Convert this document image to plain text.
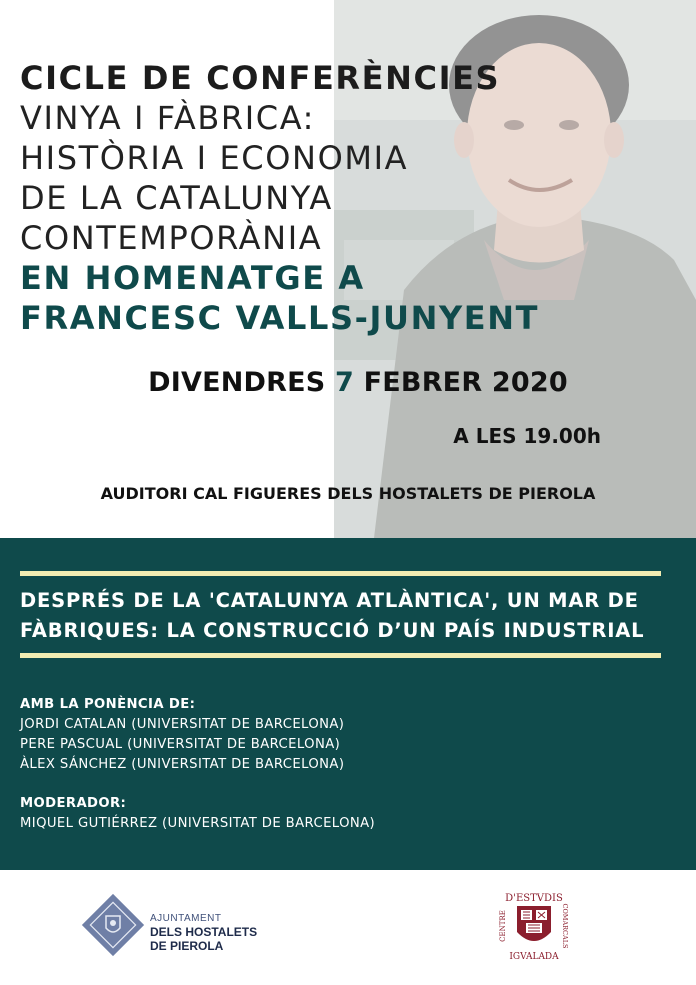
CICLE DE CONFERÈNCIES
VINYA I FÀBRICA:
HISTÒRIA I ECONOMIA
DE LA CATALUNYA
CONTEMPORÀNIA
EN HOMENATGE A
FRANCESC VALLS-JUNYENT
DIVENDRES 7 FEBRER 2020
A LES 19.00h
AUDITORI CAL FIGUERES DELS HOSTALETS DE PIEROLA
DESPRÉS DE LA 'CATALUNYA ATLÀNTICA', UN MAR DE
FÀBRIQUES: LA CONSTRUCCIÓ D’UN PAÍS INDUSTRIAL
AMB LA PONÈNCIA DE:
JORDI CATALAN (UNIVERSITAT DE BARCELONA)
PERE PASCUAL (UNIVERSITAT DE BARCELONA)
ÀLEX SÁNCHEZ (UNIVERSITAT DE BARCELONA)
MODERADOR:
MIQUEL GUTIÉRREZ (UNIVERSITAT DE BARCELONA)
AJUNTAMENT
DELS HOSTALETS
DE PIEROLA
D'ESTVDIS
CENTRE	COMARCALS
IGVALADA
